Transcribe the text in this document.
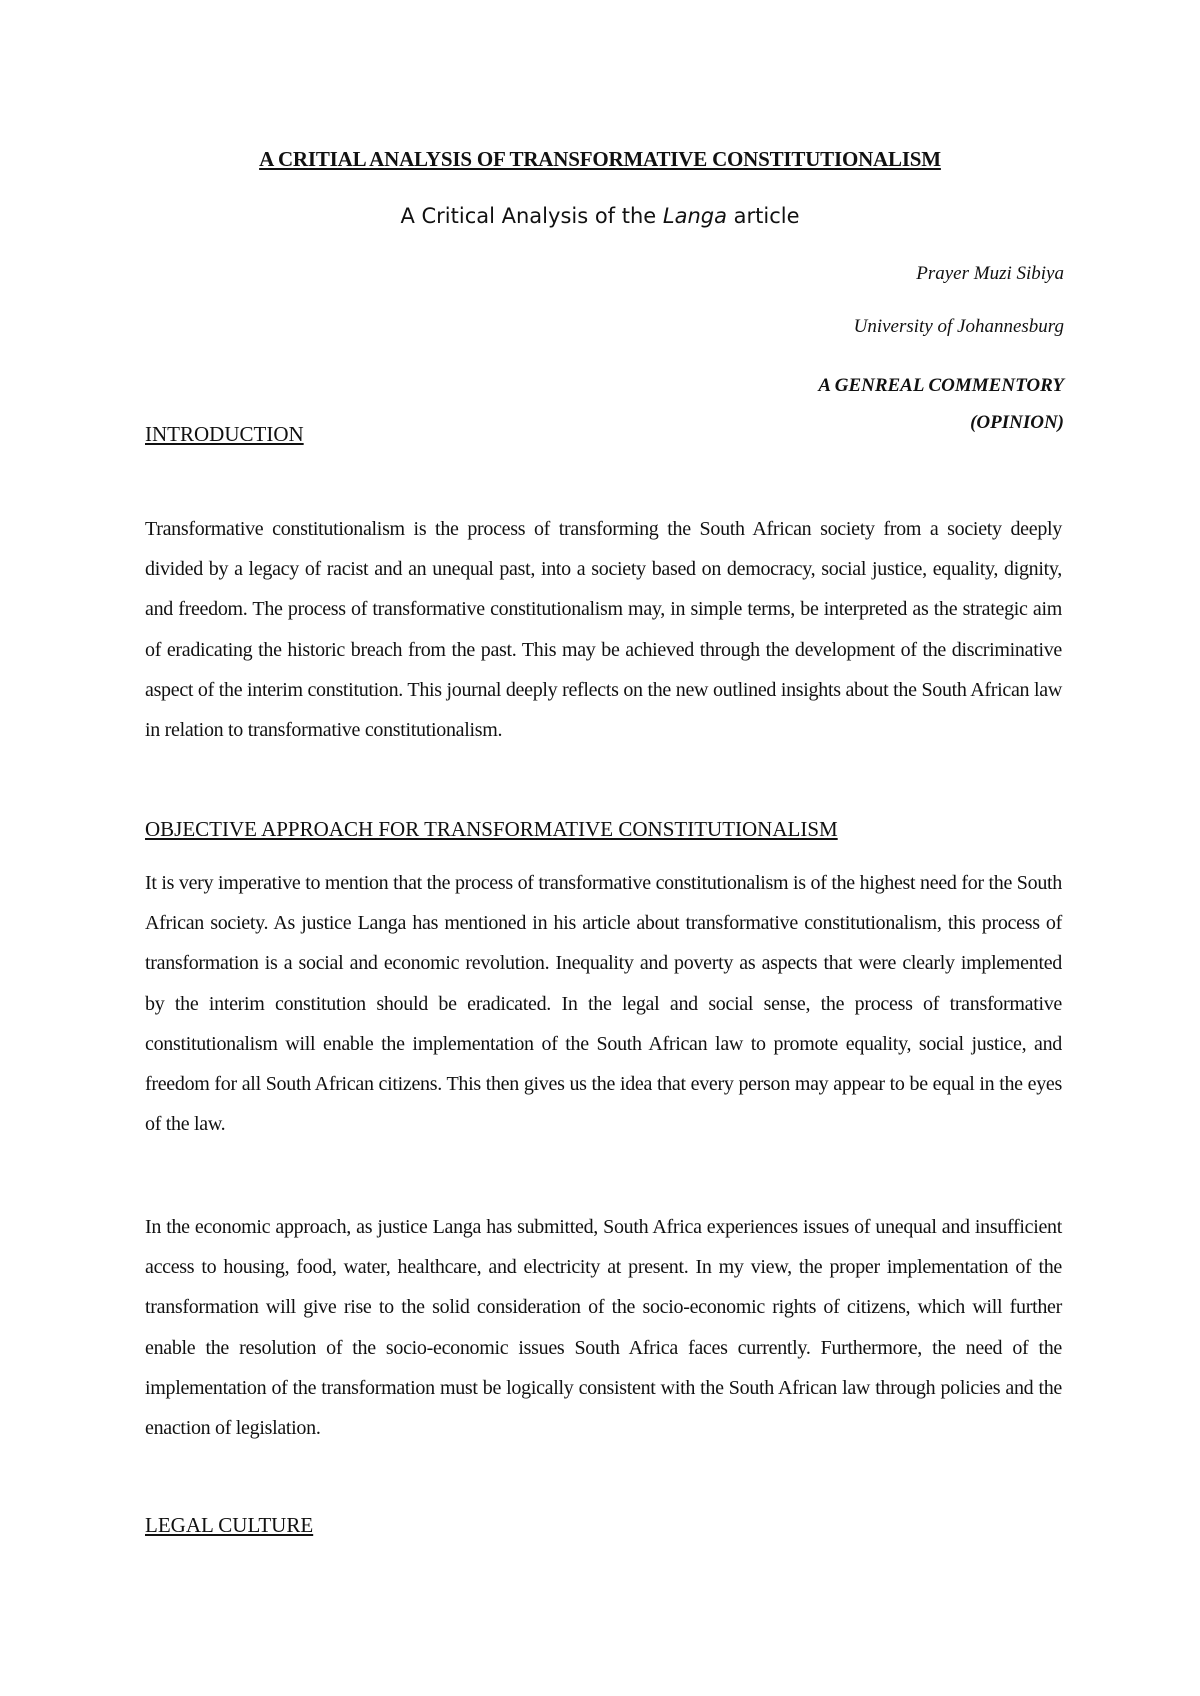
A CRITIAL ANALYSIS OF TRANSFORMATIVE CONSTITUTIONALISM
A Critical Analysis of the Langa article

Prayer Muzi Sibiya

University of Johannesburg

A GENREAL COMMENTORY
(OPINION)
INTRODUCTION

Transformative constitutionalism is the process of transforming the South African society from a society deeply divided by a legacy of racist and an unequal past, into a society based on democracy, social justice, equality, dignity, and freedom. The process of transformative constitutionalism may, in simple terms, be interpreted as the strategic aim of eradicating the historic breach from the past. This may be achieved through the development of the discriminative aspect of the interim constitution. This journal deeply reflects on the new outlined insights about the South African law in relation to transformative constitutionalism.

OBJECTIVE APPROACH FOR TRANSFORMATIVE CONSTITUTIONALISM

It is very imperative to mention that the process of transformative constitutionalism is of the highest need for the South African society. As justice Langa has mentioned in his article about transformative constitutionalism, this process of transformation is a social and economic revolution. Inequality and poverty as aspects that were clearly implemented by the interim constitution should be eradicated. In the legal and social sense, the process of transformative constitutionalism will enable the implementation of the South African law to promote equality, social justice, and freedom for all South African citizens. This then gives us the idea that every person may appear to be equal in the eyes of the law.

In the economic approach, as justice Langa has submitted, South Africa experiences issues of unequal and insufficient access to housing, food, water, healthcare, and electricity at present. In my view, the proper implementation of the transformation will give rise to the solid consideration of the socio-economic rights of citizens, which will further enable the resolution of the socio-economic issues South Africa faces currently. Furthermore, the need of the implementation of the transformation must be logically consistent with the South African law through policies and the enaction of legislation.

LEGAL CULTURE
